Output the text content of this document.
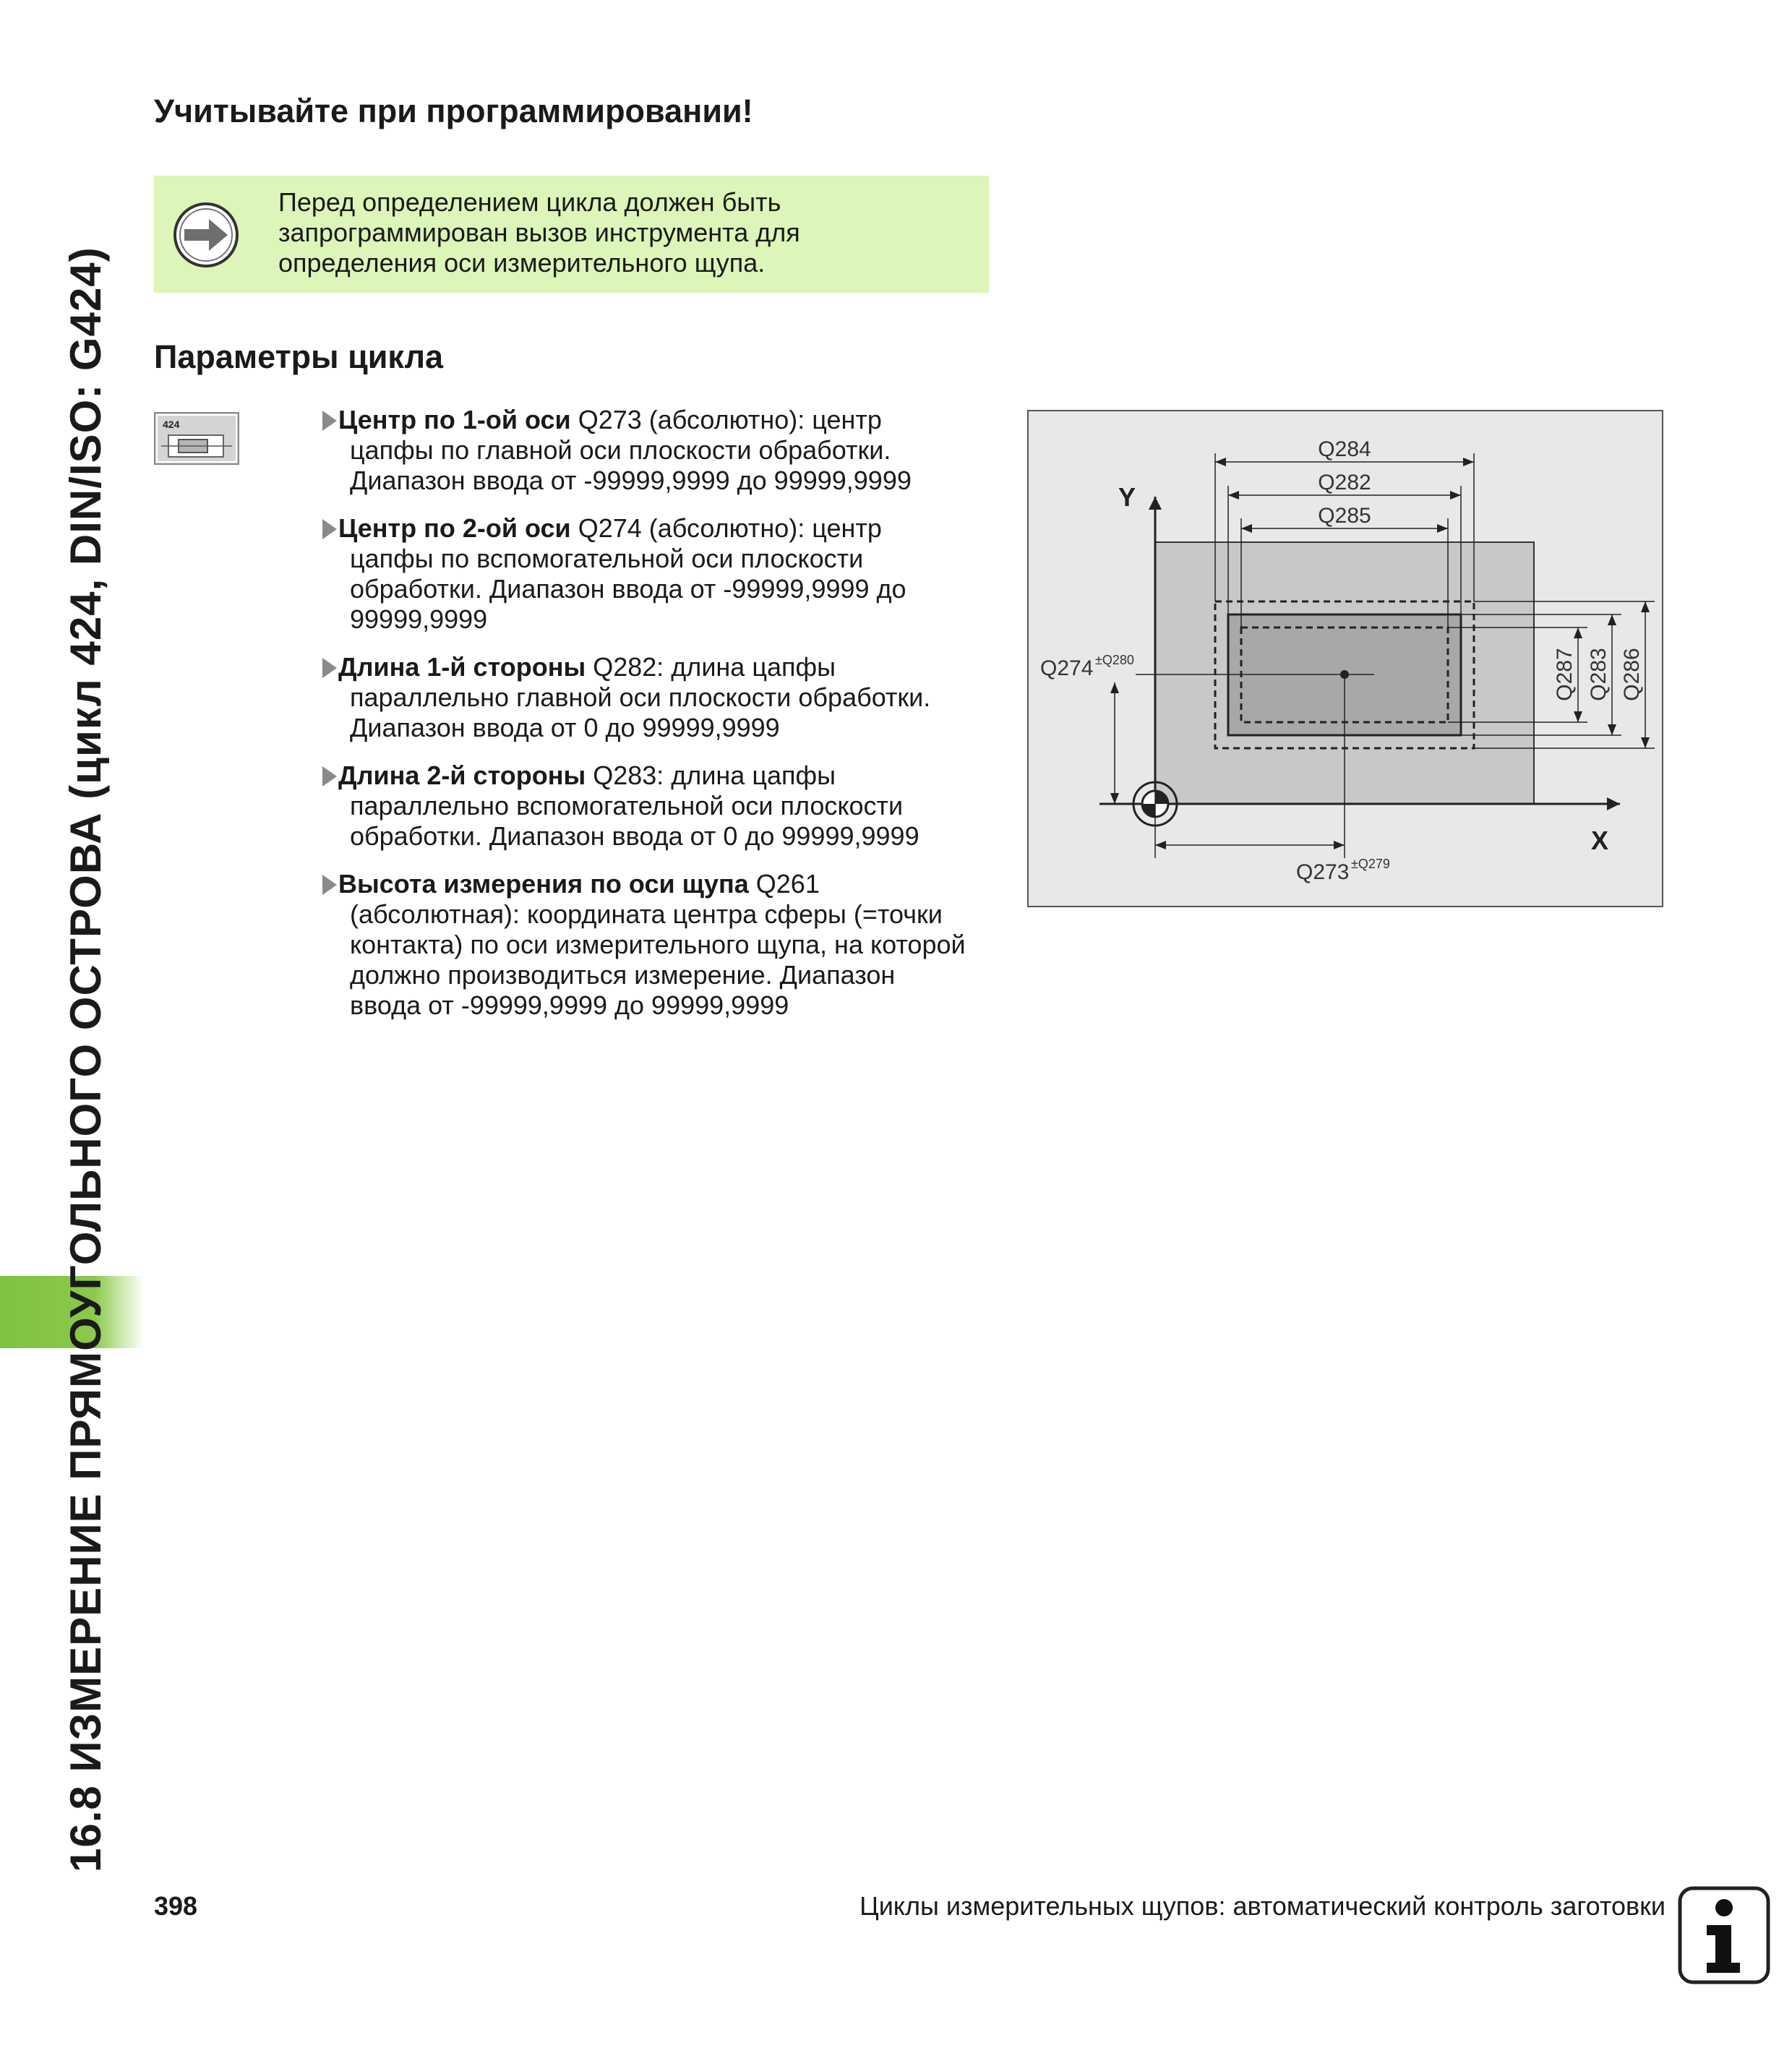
16.8 ИЗМЕРЕНИЕ ПРЯМОУГОЛЬНОГО ОСТРОВА (цикл 424, DIN/ISO: G424)
Учитывайте при программировании!
Перед определением цикла должен быть
запрограммирован вызов инструмента для
определения оси измерительного щупа.
Параметры цикла
424	Центр по 1-ой оси Q273 (абсолютно): центр
цапфы по главной оси плоскости обработки.
Диапазон ввода от -99999,9999 до 99999,9999
Центр по 2-ой оси Q274 (абсолютно): центр
цапфы по вспомогательной оси плоскости
обработки. Диапазон ввода от -99999,9999 до
99999,9999
Длина 1-й стороны Q282: длина цапфы
параллельно главной оси плоскости обработки.
Диапазон ввода от 0 до 99999,9999
Длина 2-й стороны Q283: длина цапфы
параллельно вспомогательной оси плоскости
обработки. Диапазон ввода от 0 до 99999,9999
Высота измерения по оси щупа Q261
(абсолютная): координата центра сферы (=точки
контакта) по оси измерительного щупа, на которой
должно производиться измерение. Диапазон
ввода от -99999,9999 до 99999,9999
Y
X
Q284
Q282
Q285
Q287 Q283 Q286
Q274 ±Q280
Q273 ±Q279
398	Циклы измерительных щупов: автоматический контроль заготовки
